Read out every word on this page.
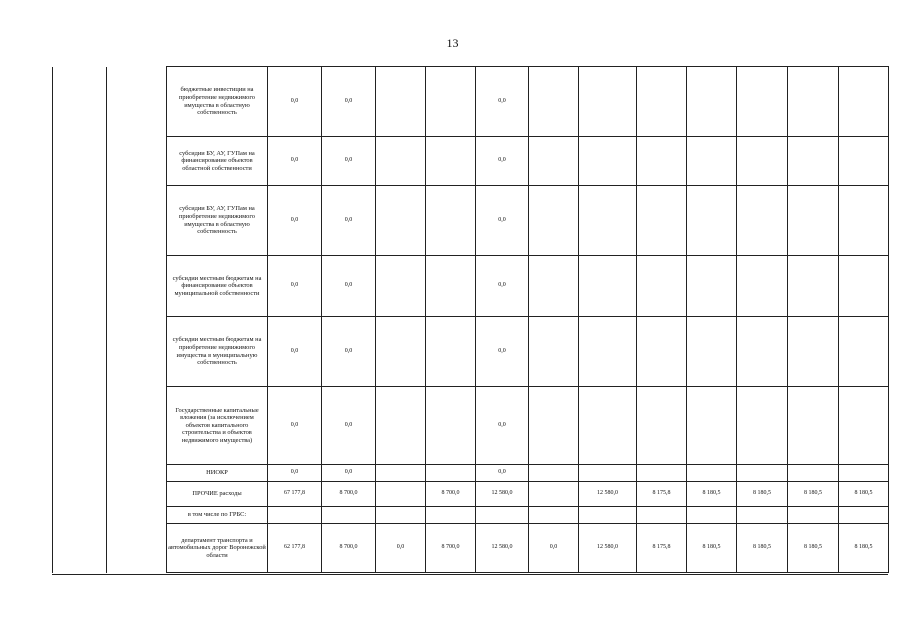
13
		бюджетные инвестиции на приобретение недвижимого имущества в областную собственность	0,0	0,0			0,0							
		субсидии БУ, АУ, ГУПам на финансирование объектов областной собственности	0,0	0,0			0,0							
		субсидии БУ, АУ, ГУПам на приобретение недвижимого имущества в областную собственность	0,0	0,0			0,0							
		субсидии местным бюджетам на финансирование объектов муниципальной собственности	0,0	0,0			0,0							
		субсидии местным бюджетам на приобретение недвижимого имущества в муниципальную собственность	0,0	0,0			0,0							
		Государственные капитальные вложения (за исключением объектов капитального строительства и объектов недвижимого имущества)	0,0	0,0			0,0							
		НИОКР	0,0	0,0			0,0							
		ПРОЧИЕ расходы	67 177,8	8 700,0		8 700,0	12 580,0		12 580,0	8 175,8	8 180,5	8 180,5	8 180,5	8 180,5
		в том числе по ГРБС:												
		департамент транспорта и автомобильных дорог Воронежской области	62 177,8	8 700,0	0,0	8 700,0	12 580,0	0,0	12 580,0	8 175,8	8 180,5	8 180,5	8 180,5	8 180,5
